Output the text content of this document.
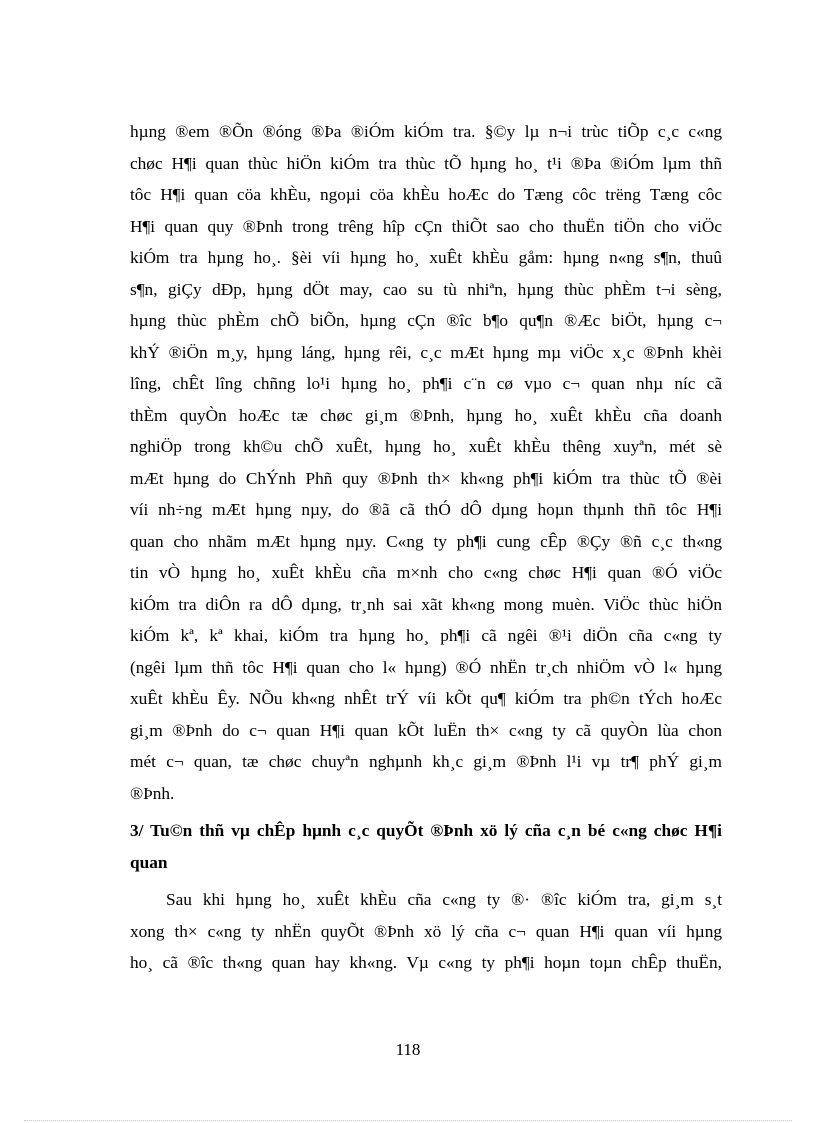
hµng ®em ®Õn ®óng ®Þa ®iÓm kiÓm tra. §©y lµ n¬i trùc tiÕp c¸c c«ng
chøc H¶i quan thùc hiÖn kiÓm tra thùc tÕ hµng ho¸ t¹i ®Þa ®iÓm lµm thñ
tôc H¶i quan cöa khÈu, ngoµi cöa khÈu hoÆc do Tæng côc trëng Tæng côc
H¶i quan quy ®Þnh trong trêng hîp cÇn thiÕt sao cho thuËn tiÖn cho viÖc
kiÓm tra hµng ho¸. §èi víi hµng ho¸ xuÊt khÈu gåm: hµng n«ng s¶n, thuû
s¶n, giÇy dÐp, hµng dÖt may, cao su tù nhiªn, hµng thùc phÈm t¬i sèng,
hµng thùc phÈm chÕ biÕn, hµng cÇn ®îc b¶o qu¶n ®Æc biÖt, hµng c¬
khÝ ®iÖn m¸y, hµng láng, hµng rêi, c¸c mÆt hµng mµ viÖc x¸c ®Þnh khèi
lîng, chÊt lîng chñng lo¹i hµng ho¸ ph¶i c¨n cø vµo c¬ quan nhµ níc cã
thÈm quyÒn hoÆc tæ chøc gi¸m ®Þnh, hµng ho¸ xuÊt khÈu cña doanh
nghiÖp trong kh©u chÕ xuÊt, hµng ho¸ xuÊt khÈu thêng xuyªn, mét sè
mÆt hµng do ChÝnh Phñ quy ®Þnh th× kh«ng ph¶i kiÓm tra thùc tÕ ®èi
víi nh÷ng mÆt hµng nµy, do ®ã cã thÓ dÔ dµng hoµn thµnh thñ tôc H¶i
quan cho nhãm mÆt hµng nµy. C«ng ty ph¶i cung cÊp ®Çy ®ñ c¸c th«ng
tin vÒ hµng ho¸ xuÊt khÈu cña m×nh cho c«ng chøc H¶i quan ®Ó viÖc
kiÓm tra diÔn ra dÔ dµng, tr¸nh sai xãt kh«ng mong muèn. ViÖc thùc hiÖn
kiÓm kª, kª khai, kiÓm tra hµng ho¸ ph¶i cã ngêi ®¹i diÖn cña c«ng ty
(ngêi lµm thñ tôc H¶i quan cho l« hµng) ®Ó nhËn tr¸ch nhiÖm vÒ l« hµng
xuÊt khÈu Êy. NÕu kh«ng nhÊt trÝ víi kÕt qu¶ kiÓm tra ph©n tÝch hoÆc
gi¸m ®Þnh do c¬ quan H¶i quan kÕt luËn th× c«ng ty cã quyÒn lùa chon
mét c¬ quan, tæ chøc chuyªn nghµnh kh¸c gi¸m ®Þnh l¹i vµ tr¶ phÝ gi¸m
®Þnh.
3/ Tu©n thñ vµ chÊp hµnh c¸c quyÕt ®Þnh xö lý cña c¸n bé c«ng chøc H¶i
quan
Sau khi hµng ho¸ xuÊt khÈu cña c«ng ty ®· ®îc kiÓm tra, gi¸m s¸t
xong th× c«ng ty nhËn quyÕt ®Þnh xö lý cña c¬ quan H¶i quan víi hµng
ho¸ cã ®îc th«ng quan hay kh«ng. Vµ c«ng ty ph¶i hoµn toµn chÊp thuËn,
118
